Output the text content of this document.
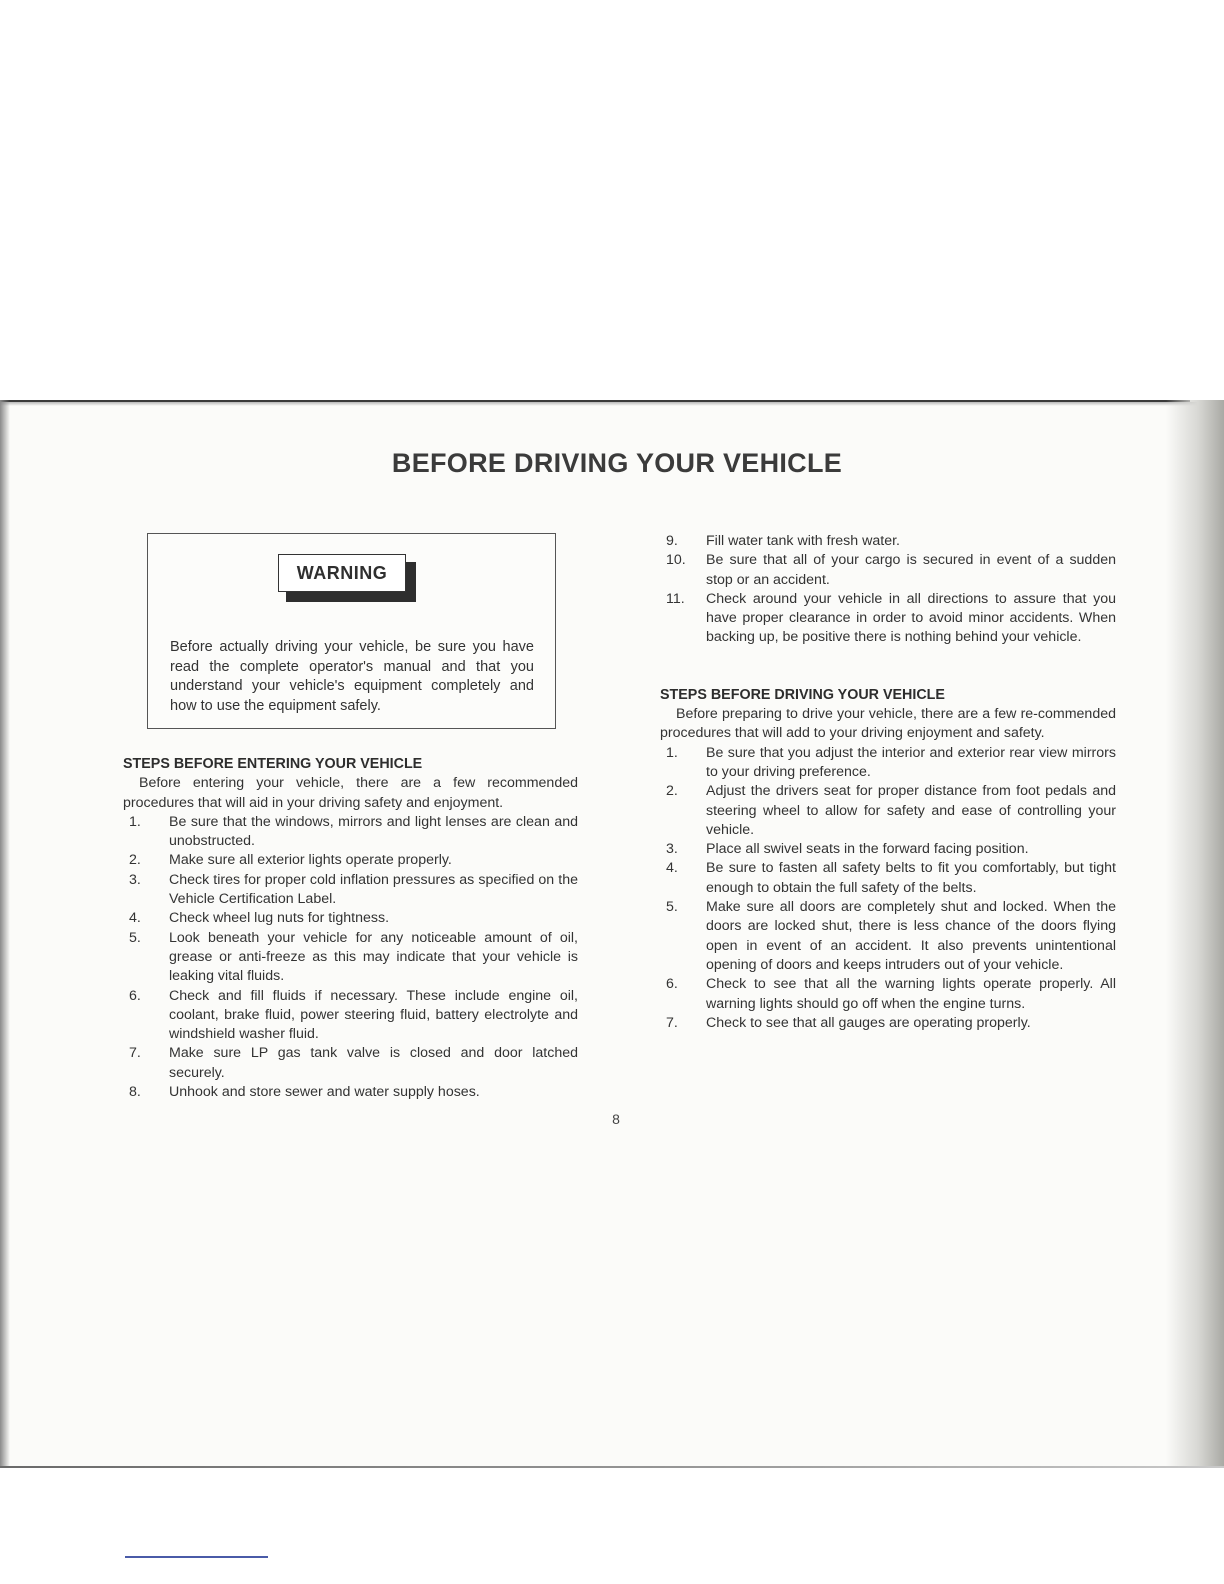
BEFORE DRIVING YOUR VEHICLE
WARNING
Before actually driving your vehicle, be sure you have read the complete operator's manual and that you understand your vehicle's equipment completely and how to use the equipment safely.

STEPS BEFORE ENTERING YOUR VEHICLE

Before entering your vehicle, there are a few recommended procedures that will aid in your driving safety and enjoyment.

1.	Be sure that the windows, mirrors and light lenses are clean and unobstructed.
2.	Make sure all exterior lights operate properly.
3.	Check tires for proper cold inflation pressures as specified on the Vehicle Certification Label.
4.	Check wheel lug nuts for tightness.
5.	Look beneath your vehicle for any noticeable amount of oil, grease or anti-freeze as this may indicate that your vehicle is leaking vital fluids.
6.	Check and fill fluids if necessary. These include engine oil, coolant, brake fluid, power steering fluid, battery electrolyte and windshield washer fluid.
7.	Make sure LP gas tank valve is closed and door latched securely.
8.	Unhook and store sewer and water supply hoses.
9.	Fill water tank with fresh water.
10.	Be sure that all of your cargo is secured in event of a sudden stop or an accident.
11.	Check around your vehicle in all directions to assure that you have proper clearance in order to avoid minor accidents. When backing up, be positive there is nothing behind your vehicle.

STEPS BEFORE DRIVING YOUR VEHICLE

Before preparing to drive your vehicle, there are a few re-commended procedures that will add to your driving enjoyment and safety.

1.	Be sure that you adjust the interior and exterior rear view mirrors to your driving preference.
2.	Adjust the drivers seat for proper distance from foot pedals and steering wheel to allow for safety and ease of controlling your vehicle.
3.	Place all swivel seats in the forward facing position.
4.	Be sure to fasten all safety belts to fit you comfortably, but tight enough to obtain the full safety of the belts.
5.	Make sure all doors are completely shut and locked. When the doors are locked shut, there is less chance of the doors flying open in event of an accident. It also prevents unintentional opening of doors and keeps intruders out of your vehicle.
6.	Check to see that all the warning lights operate properly. All warning lights should go off when the engine turns.
7.	Check to see that all gauges are operating properly.
8
